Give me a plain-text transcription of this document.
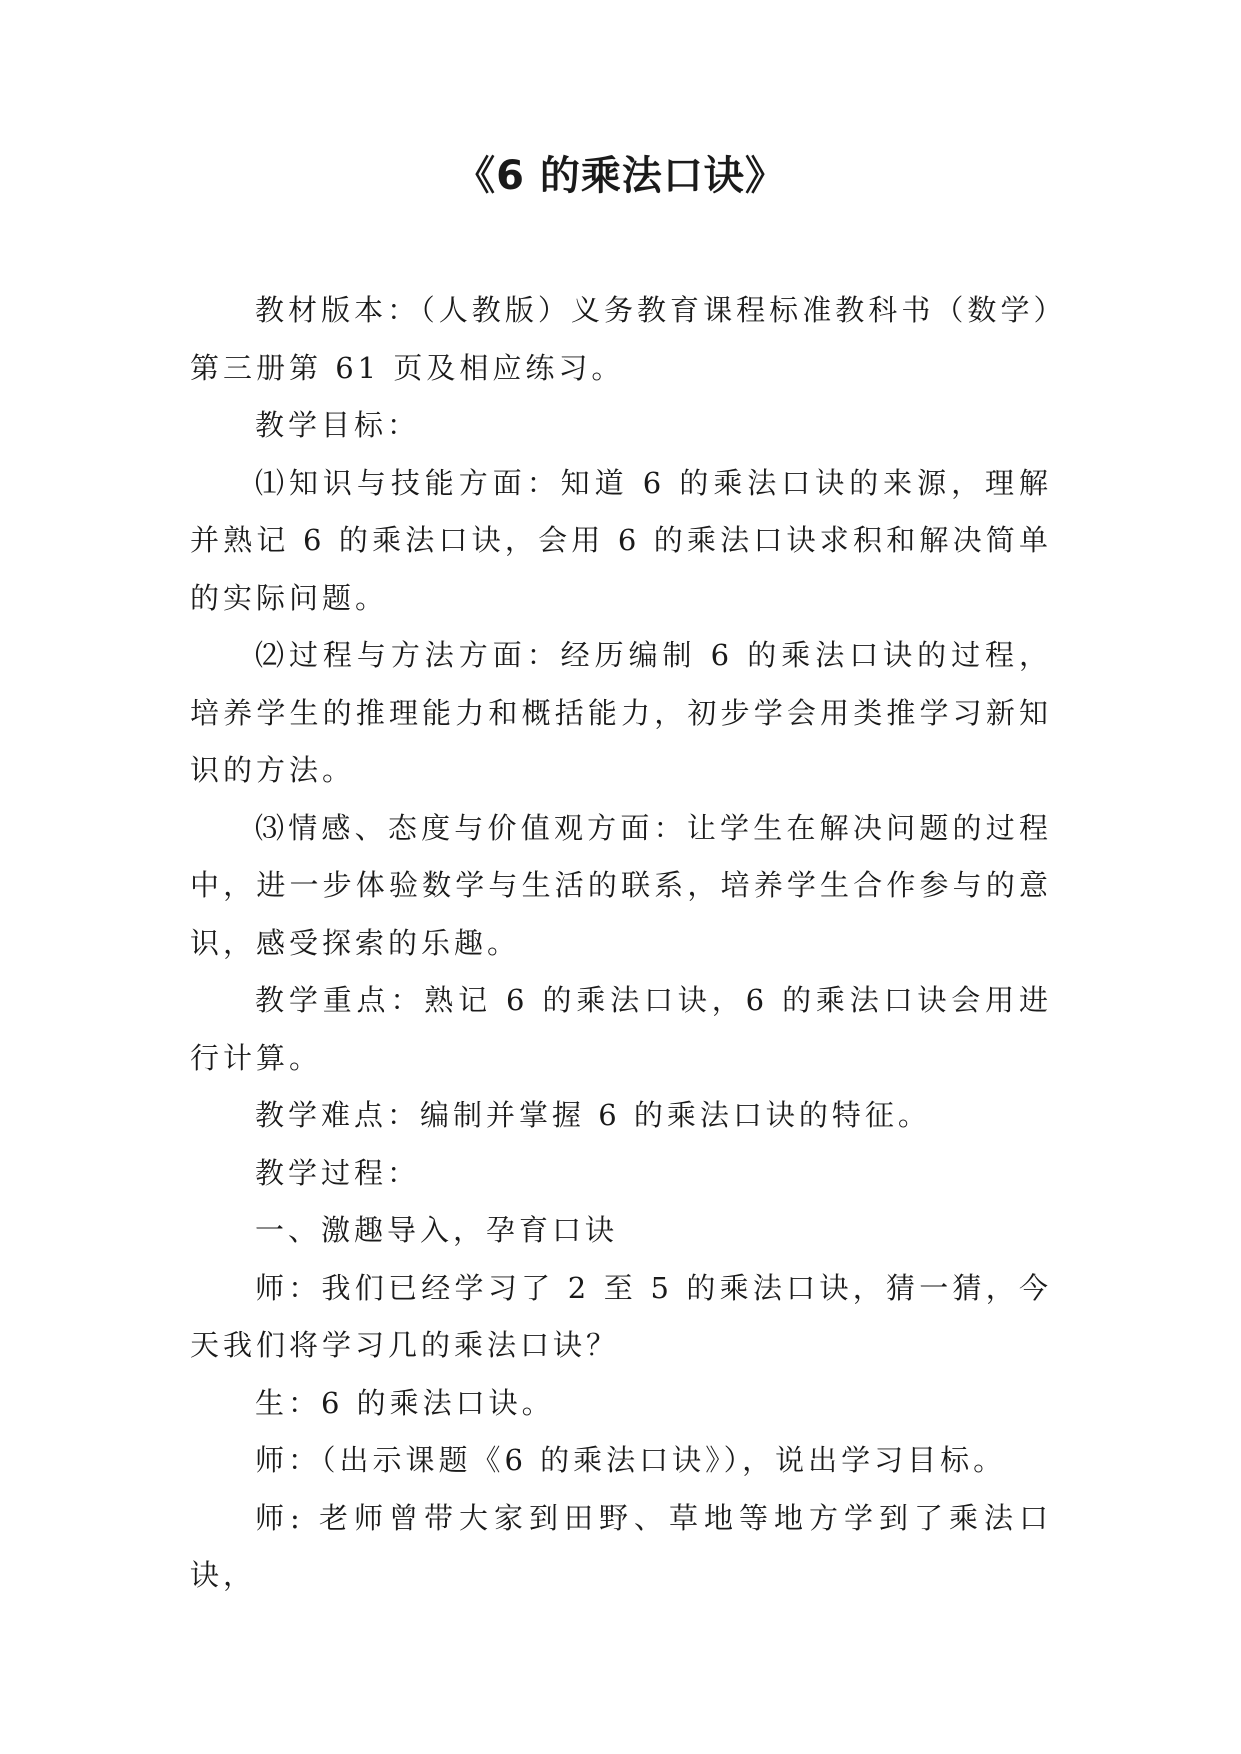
《6 的乘法口诀》

教材版本：（人教版）义务教育课程标准教科书（数学）第三册第 61 页及相应练习。

教学目标：

⑴知识与技能方面：知道 6 的乘法口诀的来源，理解并熟记 6 的乘法口诀，会用 6 的乘法口诀求积和解决简单的实际问题。

⑵过程与方法方面：经历编制 6 的乘法口诀的过程，培养学生的推理能力和概括能力，初步学会用类推学习新知识的方法。

⑶情感、态度与价值观方面：让学生在解决问题的过程中，进一步体验数学与生活的联系，培养学生合作参与的意识，感受探索的乐趣。

教学重点：熟记 6 的乘法口诀，6 的乘法口诀会用进行计算。

教学难点：编制并掌握 6 的乘法口诀的特征。

教学过程：

一、激趣导入，孕育口诀

师：我们已经学习了 2 至 5 的乘法口诀，猜一猜，今天我们将学习几的乘法口诀？

生：6 的乘法口诀。

师：（出示课题《6 的乘法口诀》），说出学习目标。

师: 老师曾带大家到田野、草地等地方学到了乘法口诀，
